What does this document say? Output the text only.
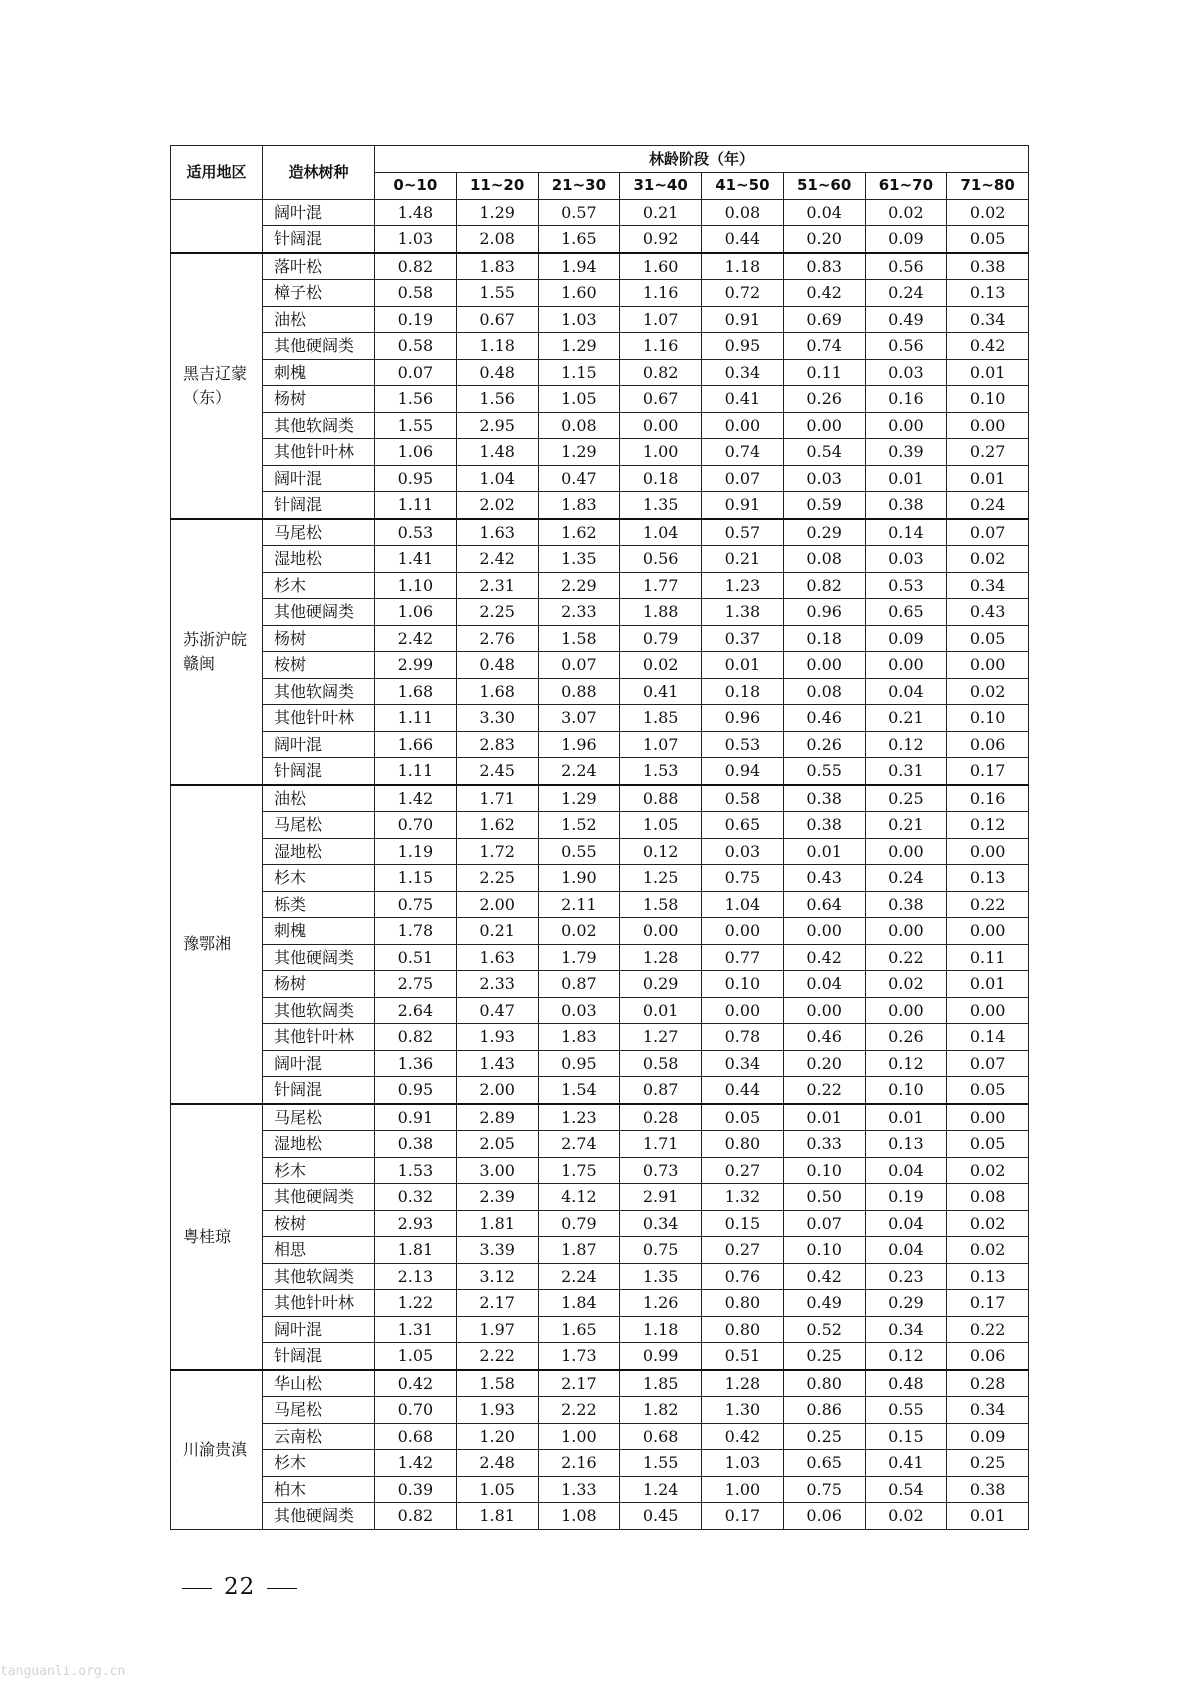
适用地区	造林树种	林龄阶段（年）							
		0~10	11~20	21~30	31~40	41~50	51~60	61~70	71~80
	阔叶混	1.48	1.29	0.57	0.21	0.08	0.04	0.02	0.02
	针阔混	1.03	2.08	1.65	0.92	0.44	0.20	0.09	0.05
黑吉辽蒙（东）	落叶松	0.82	1.83	1.94	1.60	1.18	0.83	0.56	0.38
	樟子松	0.58	1.55	1.60	1.16	0.72	0.42	0.24	0.13
	油松	0.19	0.67	1.03	1.07	0.91	0.69	0.49	0.34
	其他硬阔类	0.58	1.18	1.29	1.16	0.95	0.74	0.56	0.42
	刺槐	0.07	0.48	1.15	0.82	0.34	0.11	0.03	0.01
	杨树	1.56	1.56	1.05	0.67	0.41	0.26	0.16	0.10
	其他软阔类	1.55	2.95	0.08	0.00	0.00	0.00	0.00	0.00
	其他针叶林	1.06	1.48	1.29	1.00	0.74	0.54	0.39	0.27
	阔叶混	0.95	1.04	0.47	0.18	0.07	0.03	0.01	0.01
	针阔混	1.11	2.02	1.83	1.35	0.91	0.59	0.38	0.24
苏浙沪皖赣闽	马尾松	0.53	1.63	1.62	1.04	0.57	0.29	0.14	0.07
	湿地松	1.41	2.42	1.35	0.56	0.21	0.08	0.03	0.02
	杉木	1.10	2.31	2.29	1.77	1.23	0.82	0.53	0.34
	其他硬阔类	1.06	2.25	2.33	1.88	1.38	0.96	0.65	0.43
	杨树	2.42	2.76	1.58	0.79	0.37	0.18	0.09	0.05
	桉树	2.99	0.48	0.07	0.02	0.01	0.00	0.00	0.00
	其他软阔类	1.68	1.68	0.88	0.41	0.18	0.08	0.04	0.02
	其他针叶林	1.11	3.30	3.07	1.85	0.96	0.46	0.21	0.10
	阔叶混	1.66	2.83	1.96	1.07	0.53	0.26	0.12	0.06
	针阔混	1.11	2.45	2.24	1.53	0.94	0.55	0.31	0.17
豫鄂湘	油松	1.42	1.71	1.29	0.88	0.58	0.38	0.25	0.16
	马尾松	0.70	1.62	1.52	1.05	0.65	0.38	0.21	0.12
	湿地松	1.19	1.72	0.55	0.12	0.03	0.01	0.00	0.00
	杉木	1.15	2.25	1.90	1.25	0.75	0.43	0.24	0.13
	栎类	0.75	2.00	2.11	1.58	1.04	0.64	0.38	0.22
	刺槐	1.78	0.21	0.02	0.00	0.00	0.00	0.00	0.00
	其他硬阔类	0.51	1.63	1.79	1.28	0.77	0.42	0.22	0.11
	杨树	2.75	2.33	0.87	0.29	0.10	0.04	0.02	0.01
	其他软阔类	2.64	0.47	0.03	0.01	0.00	0.00	0.00	0.00
	其他针叶林	0.82	1.93	1.83	1.27	0.78	0.46	0.26	0.14
	阔叶混	1.36	1.43	0.95	0.58	0.34	0.20	0.12	0.07
	针阔混	0.95	2.00	1.54	0.87	0.44	0.22	0.10	0.05
粤桂琼	马尾松	0.91	2.89	1.23	0.28	0.05	0.01	0.01	0.00
	湿地松	0.38	2.05	2.74	1.71	0.80	0.33	0.13	0.05
	杉木	1.53	3.00	1.75	0.73	0.27	0.10	0.04	0.02
	其他硬阔类	0.32	2.39	4.12	2.91	1.32	0.50	0.19	0.08
	桉树	2.93	1.81	0.79	0.34	0.15	0.07	0.04	0.02
	相思	1.81	3.39	1.87	0.75	0.27	0.10	0.04	0.02
	其他软阔类	2.13	3.12	2.24	1.35	0.76	0.42	0.23	0.13
	其他针叶林	1.22	2.17	1.84	1.26	0.80	0.49	0.29	0.17
	阔叶混	1.31	1.97	1.65	1.18	0.80	0.52	0.34	0.22
	针阔混	1.05	2.22	1.73	0.99	0.51	0.25	0.12	0.06
川渝贵滇	华山松	0.42	1.58	2.17	1.85	1.28	0.80	0.48	0.28
	马尾松	0.70	1.93	2.22	1.82	1.30	0.86	0.55	0.34
	云南松	0.68	1.20	1.00	0.68	0.42	0.25	0.15	0.09
	杉木	1.42	2.48	2.16	1.55	1.03	0.65	0.41	0.25
	柏木	0.39	1.05	1.33	1.24	1.00	0.75	0.54	0.38
	其他硬阔类	0.82	1.81	1.08	0.45	0.17	0.06	0.02	0.01
22
tanguanli.org.cn
